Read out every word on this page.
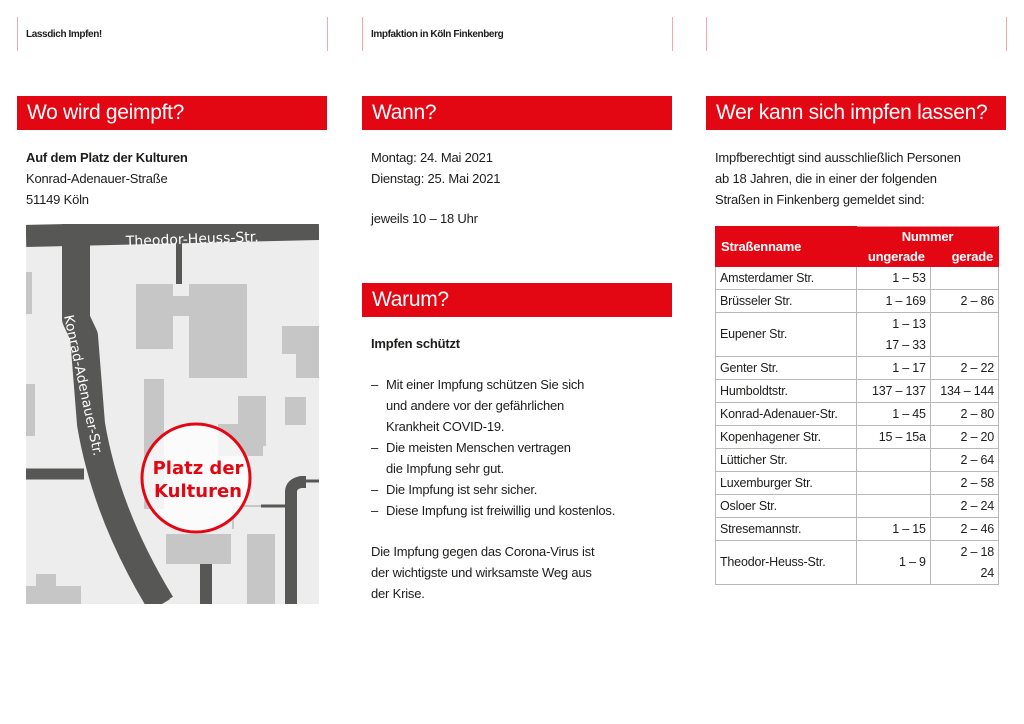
Lassdich Impfen!	Impfaktion in Köln Finkenberg
Wo wird geimpft?

Auf dem Platz der Kulturen

Konrad-Adenauer-Straße

51149 Köln

Theodor-Heuss-Str.
Konrad-Adenauer-Str.
Platz der
Kulturen
Wann?

Montag: 24. Mai 2021

Dienstag: 25. Mai 2021

jeweils 10 – 18 Uhr

Warum?

Impfen schützt

– Mit einer Impfung schützen Sie sich
und andere vor der gefährlichen
Krankheit COVID-19.
– Die meisten Menschen vertragen
die Impfung sehr gut.
– Die Impfung ist sehr sicher.
– Diese Impfung ist freiwillig und kostenlos.

Die Impfung gegen das Corona-Virus ist
der wichtigste und wirksamste Weg aus
der Krise.

Wer kann sich impfen lassen?
Impfberechtigt sind ausschließlich Personen
ab 18 Jahren, die in einer der folgenden
Straßen in Finkenberg gemeldet sind:
Straßenname	Nummer	
	ungerade	gerade
Amsterdamer Str.	1 – 53	
Brüsseler Str.	1 – 169	2 – 86
Eupener Str.	1 – 13
17 – 33	
Genter Str.	1 – 17	2 – 22
Humboldtstr.	137 – 137	134 – 144
Konrad-Adenauer-Str.	1 – 45	2 – 80
Kopenhagener Str.	15 – 15a	2 – 20
Lütticher Str.		2 – 64
Luxemburger Str.		2 – 58
Osloer Str.		2 – 24
Stresemannstr.	1 – 15	2 – 46
Theodor-Heuss-Str.	1 – 9	2 – 18
24
